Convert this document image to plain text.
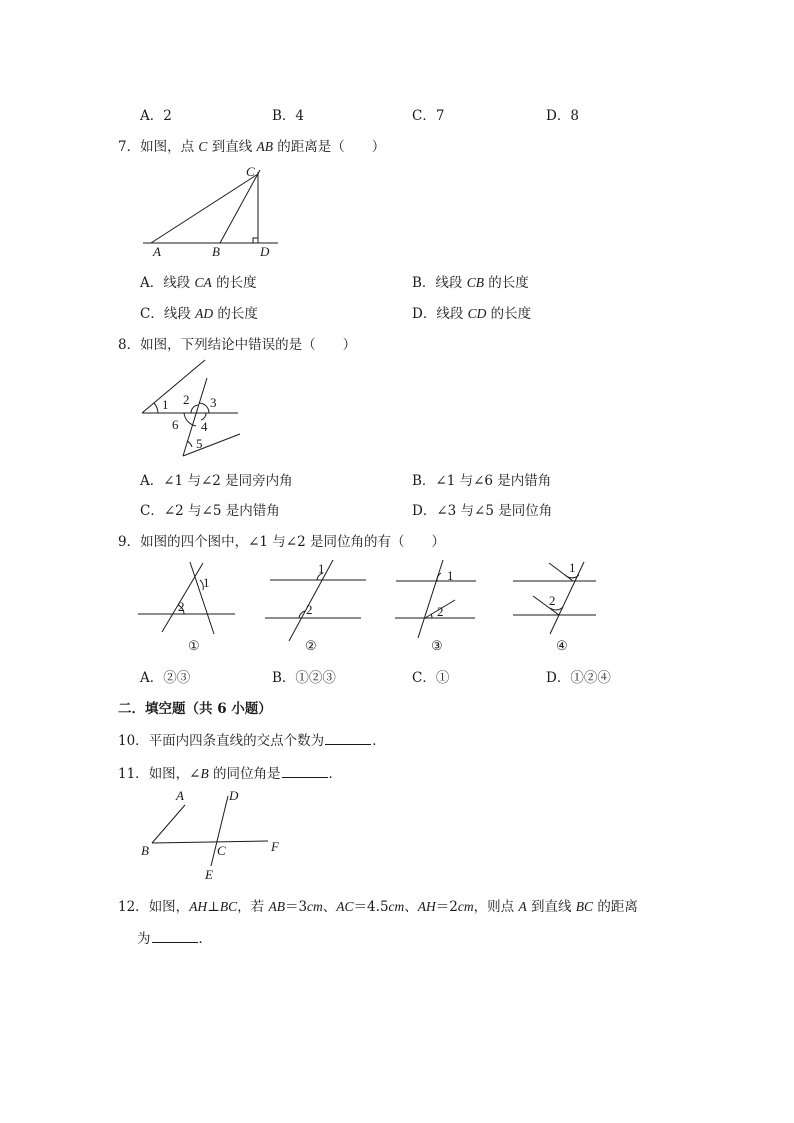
A．2	B．4	C．7	D．8
7．如图，点 C 到直线 AB 的距离是（　　）
C
A	B	D
A．线段 CA 的长度	B．线段 CB 的长度
C．线段 AD 的长度	D．线段 CD 的长度
8．如图，下列结论中错误的是（　　）
1 2 3
4
5
6
A．∠1 与∠2 是同旁内角	B．∠1 与∠6 是内错角
C．∠2 与∠5 是内错角	D．∠3 与∠5 是同位角
9．如图的四个图中，∠1 与∠2 是同位角的有（　　）
1
2
①
1
2
②
1
2
③
1
2
④
A．②③	B．①②③	C．①	D．①②④
二．填空题（共 6 小题）
10．平面内四条直线的交点个数为	．
11．如图，∠B 的同位角是	．
A	D
B	C	F
E
12．如图，AH⊥BC，若 AB＝3cm、AC＝4.5cm、AH＝2cm，则点 A 到直线 BC 的距离
为	．
